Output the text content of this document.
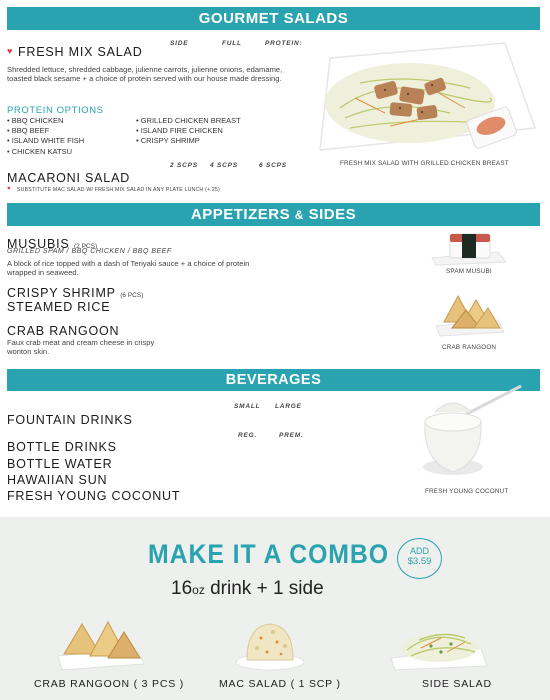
GOURMET SALADS
SIDE	FULL	PROTEIN:
♥ FRESH MIX SALAD
Shredded lettuce, shredded cabbage, julienne carrots, julienne onions, edamame, toasted black sesame + a choice of protein served with our house made dressing.
PROTEIN OPTIONS
• BBQ CHICKEN
• BBQ BEEF
• ISLAND WHITE FISH
• CHICKEN KATSU
• GRILLED CHICKEN BREAST
• ISLAND FIRE CHICKEN
• CRISPY SHRIMP
FRESH MIX SALAD WITH GRILLED CHICKEN BREAST
2 SCPS 4 SCPS	6 SCPS
MACARONI SALAD
♥ SUBSTITUTE MAC SALAD W/ FRESH MIX SALAD IN ANY PLATE LUNCH (+.25)
APPETIZERS & SIDES
MUSUBIS (2 PCS)
GRILLED SPAM / BBQ CHICKEN / BBQ BEEF
A block of rice topped with a dash of Teriyaki sauce + a choice of protein wrapped in seaweed.
CRISPY SHRIMP (6 PCS)
STEAMED RICE
CRAB RANGOON
Faux crab meat and cream cheese in crispy wonton skin.
SPAM MUSUBI
CRAB RANGOON
BEVERAGES
SMALL LARGE
FOUNTAIN DRINKS
REG.	PREM.
BOTTLE DRINKS
BOTTLE WATER
HAWAIIAN SUN
FRESH YOUNG COCONUT	FRESH YOUNG COCONUT
MAKE IT A COMBO	ADD
$3.59
16oz drink + 1 side
CRAB RANGOON ( 3 PCS )	MAC SALAD ( 1 SCP )	SIDE SALAD
